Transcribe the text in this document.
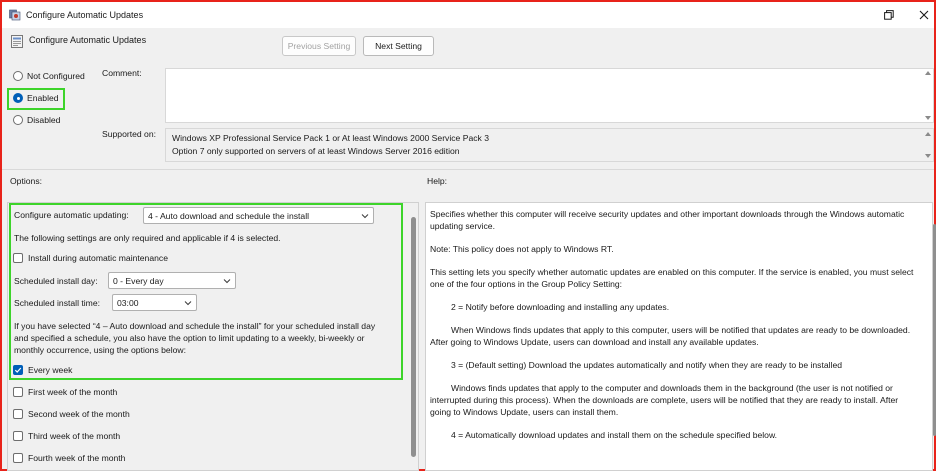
Configure Automatic Updates
Configure Automatic Updates
Previous Setting	Next Setting
Not Configured
Enabled
Disabled
Comment:
Supported on: Windows XP Professional Service Pack 1 or At least Windows 2000 Service Pack 3
Option 7 only supported on servers of at least Windows Server 2016 edition
Options:	Help:
Configure automatic updating: 4 - Auto download and schedule the install
The following settings are only required and applicable if 4 is selected.
Install during automatic maintenance
Scheduled install day: 0 - Every day
Scheduled install time: 03:00
If you have selected “4 – Auto download and schedule the install” for your scheduled install day
and specified a schedule, you also have the option to limit updating to a weekly, bi-weekly or
monthly occurrence, using the options below:
Every week
First week of the month
Second week of the month
Third week of the month
Fourth week of the month

Specifies whether this computer will receive security updates and other important downloads through the Windows automatic updating service.

Note: This policy does not apply to Windows RT.

This setting lets you specify whether automatic updates are enabled on this computer. If the service is enabled, you must select one of the four options in the Group Policy Setting:

2 = Notify before downloading and installing any updates.

When Windows finds updates that apply to this computer, users will be notified that updates are ready to be downloaded. After going to Windows Update, users can download and install any available updates.

3 = (Default setting) Download the updates automatically and notify when they are ready to be installed

Windows finds updates that apply to the computer and downloads them in the background (the user is not notified or interrupted during this process). When the downloads are complete, users will be notified that they are ready to install. After going to Windows Update, users can install them.

4 = Automatically download updates and install them on the schedule specified below.
